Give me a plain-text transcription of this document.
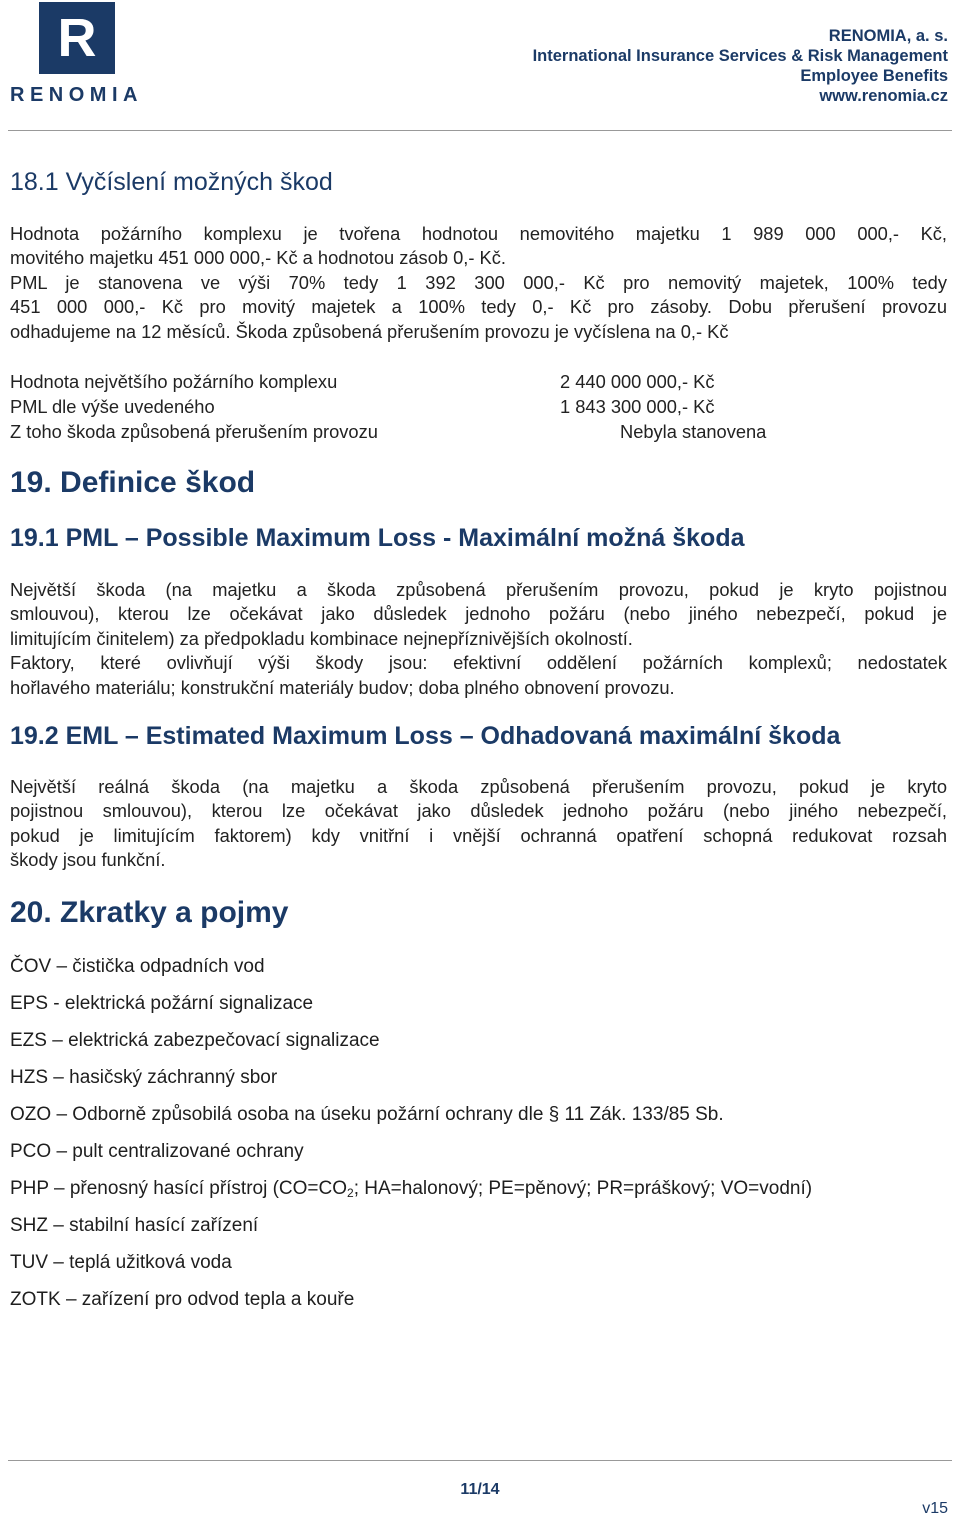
R
RENOMIA
RENOMIA, a. s.
International Insurance Services & Risk Management
Employee Benefits
www.renomia.cz
18.1 Vyčíslení možných škod
Hodnota požárního komplexu je tvořena hodnotou nemovitého majetku 1 989 000 000,- Kč,
movitého majetku 451 000 000,- Kč a hodnotou zásob 0,- Kč.
PML je stanovena ve výši 70% tedy 1 392 300 000,- Kč pro nemovitý majetek, 100% tedy
451 000 000,- Kč pro movitý majetek a 100% tedy 0,- Kč pro zásoby. Dobu přerušení provozu
odhadujeme na 12 měsíců. Škoda způsobená přerušením provozu je vyčíslena na 0,- Kč
Hodnota největšího požárního komplexu	2 440 000 000,- Kč
PML dle výše uvedeného	1 843 300 000,- Kč
Z toho škoda způsobená přerušením provozu	Nebyla stanovena
19. Definice škod
19.1 PML – Possible Maximum Loss - Maximální možná škoda
Největší škoda (na majetku a škoda způsobená přerušením provozu, pokud je kryto pojistnou
smlouvou), kterou lze očekávat jako důsledek jednoho požáru (nebo jiného nebezpečí, pokud je
limitujícím činitelem) za předpokladu kombinace nejnepříznivějších okolností.
Faktory, které ovlivňují výši škody jsou: efektivní oddělení požárních komplexů; nedostatek
hořlavého materiálu; konstrukční materiály budov; doba plného obnovení provozu.
19.2 EML – Estimated Maximum Loss – Odhadovaná maximální škoda
Největší reálná škoda (na majetku a škoda způsobená přerušením provozu, pokud je kryto
pojistnou smlouvou), kterou lze očekávat jako důsledek jednoho požáru (nebo jiného nebezpečí,
pokud je limitujícím faktorem) kdy vnitřní i vnější ochranná opatření schopná redukovat rozsah
škody jsou funkční.
20. Zkratky a pojmy
ČOV – čistička odpadních vod
EPS - elektrická požární signalizace
EZS – elektrická zabezpečovací signalizace
HZS – hasičský záchranný sbor
OZO – Odborně způsobilá osoba na úseku požární ochrany dle § 11 Zák. 133/85 Sb.
PCO – pult centralizované ochrany
PHP – přenosný hasící přístroj ($CO=CO_2$; HA=halonový; PE=pěnový; PR=práškový; VO=vodní)
SHZ – stabilní hasící zařízení
TUV – teplá užitková voda
ZOTK – zařízení pro odvod tepla a kouře
11/14
v15
